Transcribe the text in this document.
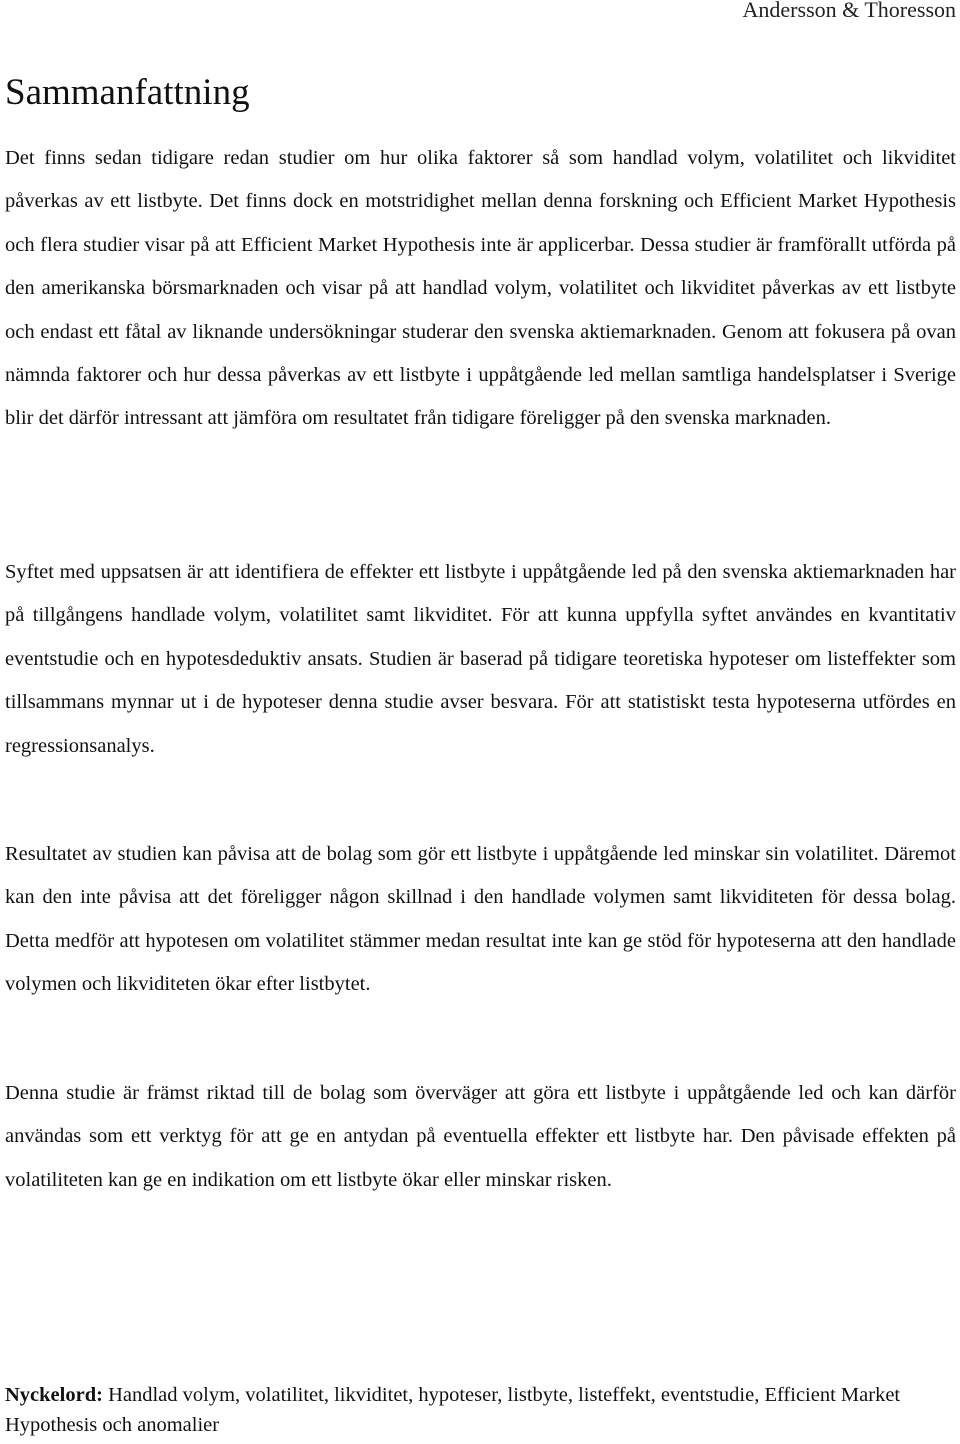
Andersson & Thoresson
Sammanfattning

Det finns sedan tidigare redan studier om hur olika faktorer så som handlad volym, volatilitet och likviditet påverkas av ett listbyte. Det finns dock en motstridighet mellan denna forskning och Efficient Market Hypothesis och flera studier visar på att Efficient Market Hypothesis inte är applicerbar. Dessa studier är framförallt utförda på den amerikanska börsmarknaden och visar på att handlad volym, volatilitet och likviditet påverkas av ett listbyte och endast ett fåtal av liknande undersökningar studerar den svenska aktiemarknaden. Genom att fokusera på ovan nämnda faktorer och hur dessa påverkas av ett listbyte i uppåtgående led mellan samtliga handelsplatser i Sverige blir det därför intressant att jämföra om resultatet från tidigare föreligger på den svenska marknaden.

Syftet med uppsatsen är att identifiera de effekter ett listbyte i uppåtgående led på den svenska aktiemarknaden har på tillgångens handlade volym, volatilitet samt likviditet. För att kunna uppfylla syftet användes en kvantitativ eventstudie och en hypotesdeduktiv ansats. Studien är baserad på tidigare teoretiska hypoteser om listeffekter som tillsammans mynnar ut i de hypoteser denna studie avser besvara. För att statistiskt testa hypoteserna utfördes en regressionsanalys.

Resultatet av studien kan påvisa att de bolag som gör ett listbyte i uppåtgående led minskar sin volatilitet. Däremot kan den inte påvisa att det föreligger någon skillnad i den handlade volymen samt likviditeten för dessa bolag. Detta medför att hypotesen om volatilitet stämmer medan resultat inte kan ge stöd för hypoteserna att den handlade volymen och likviditeten ökar efter listbytet.

Denna studie är främst riktad till de bolag som överväger att göra ett listbyte i uppåtgående led och kan därför användas som ett verktyg för att ge en antydan på eventuella effekter ett listbyte har. Den påvisade effekten på volatiliteten kan ge en indikation om ett listbyte ökar eller minskar risken.

Nyckelord: Handlad volym, volatilitet, likviditet, hypoteser, listbyte, listeffekt, eventstudie, Efficient Market Hypothesis och anomalier
